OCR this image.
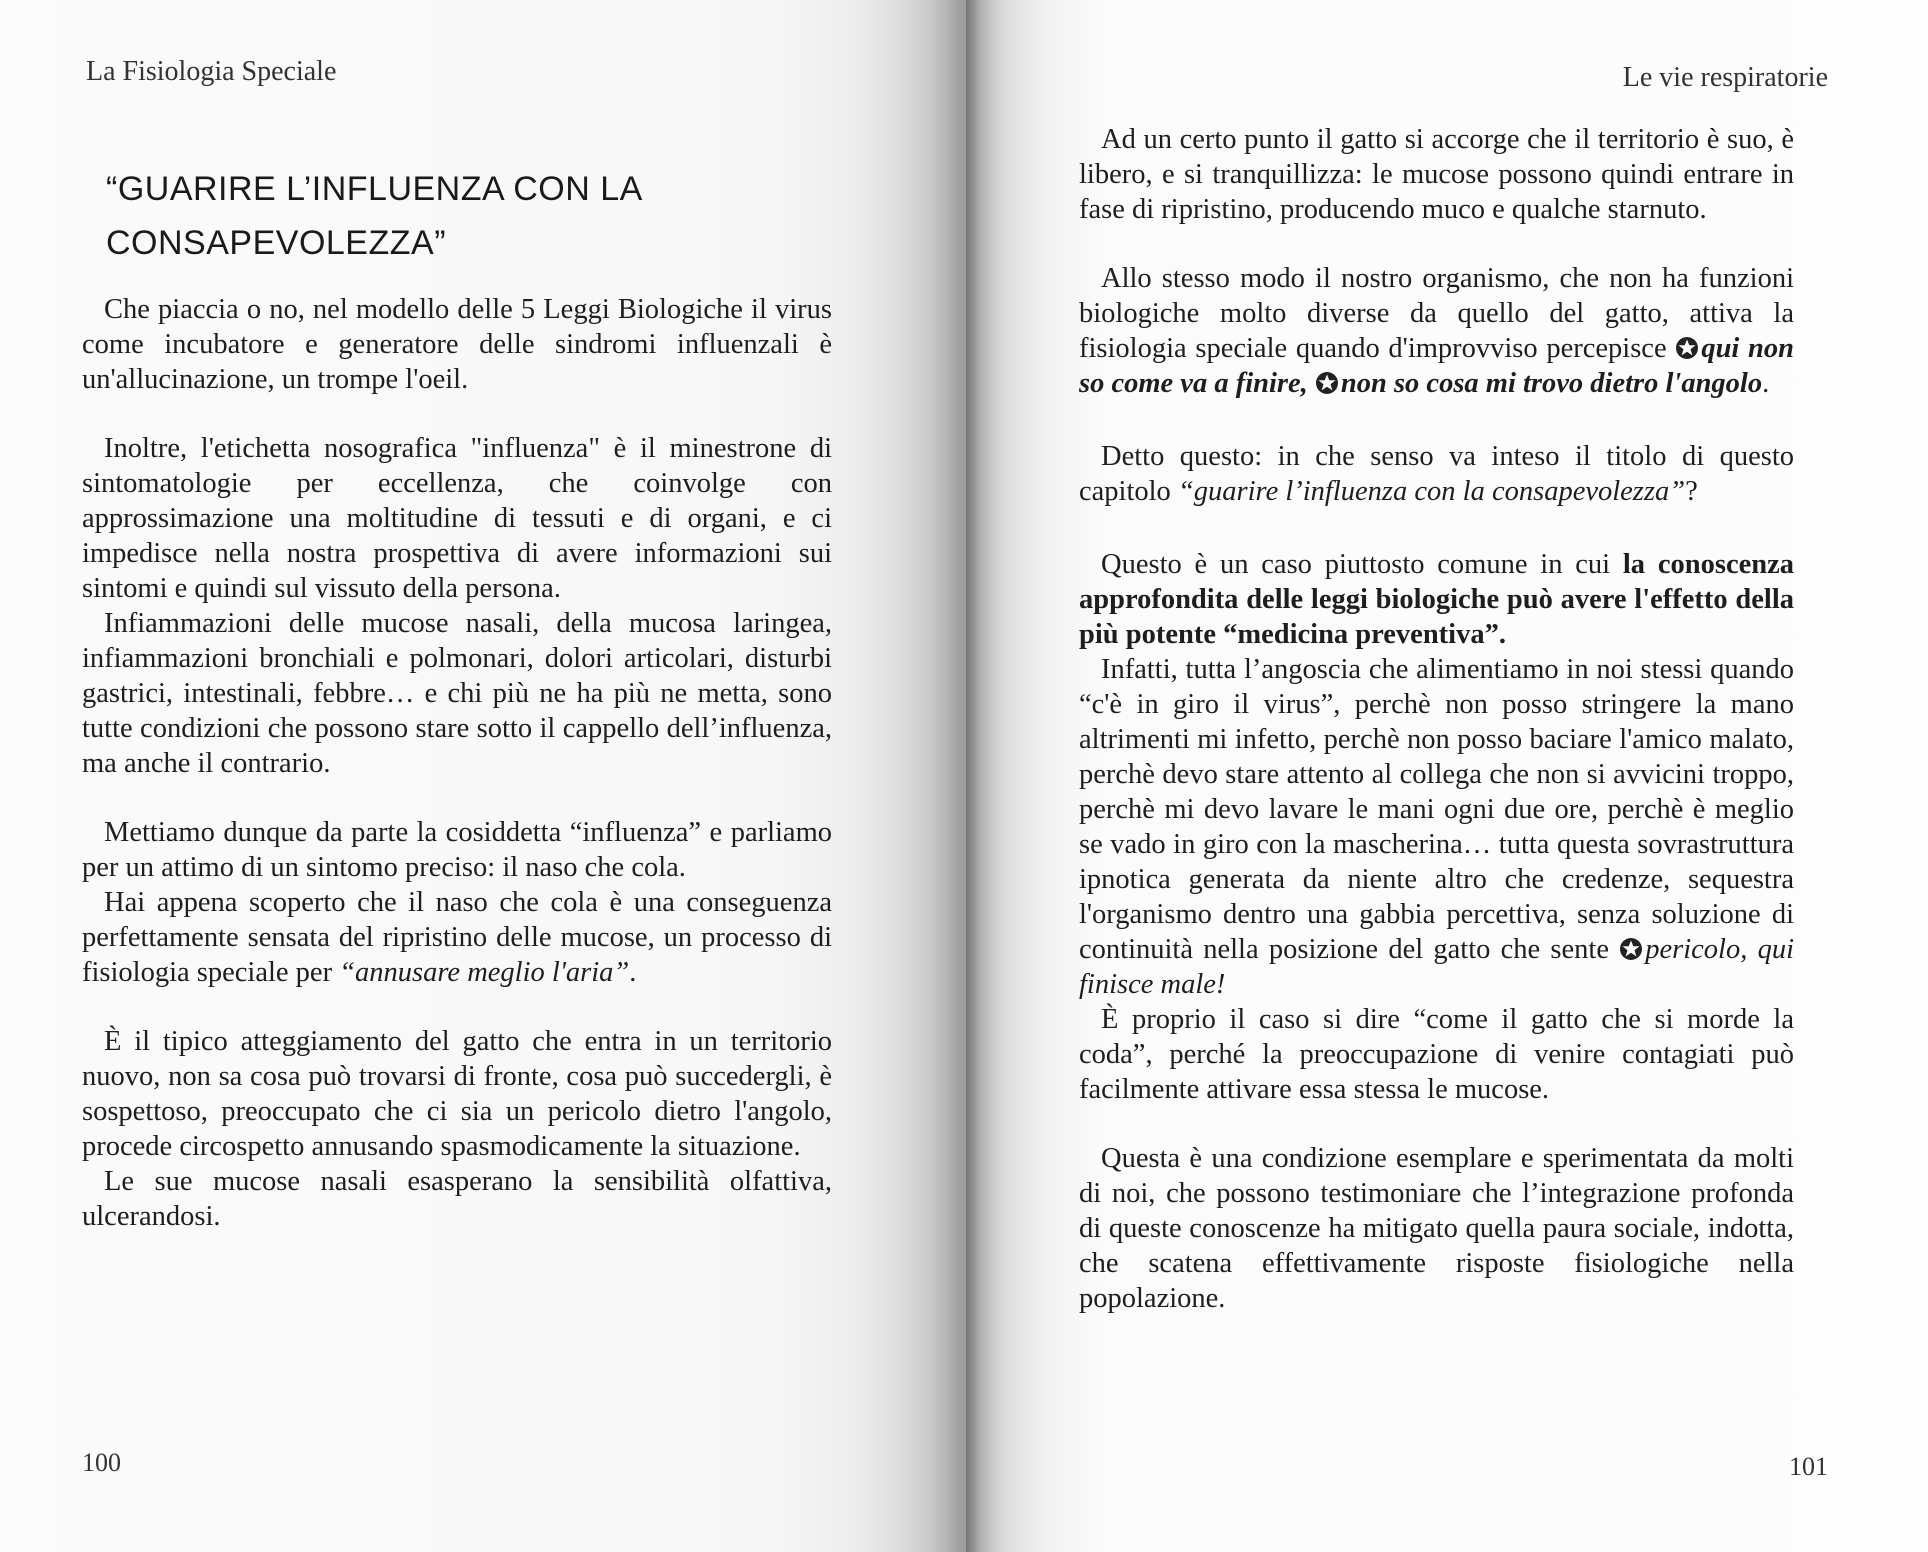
La Fisiologia Speciale
“GUARIRE L’INFLUENZA CON LA
CONSAPEVOLEZZA”

Che piaccia o no, nel modello delle 5 Leggi Biologiche il virus come incubatore e generatore delle sindromi influenzali è un'allucinazione, un trompe l'oeil.

Inoltre, l'etichetta nosografica "influenza" è il minestrone di sintomatologie per eccellenza, che coinvolge con approssimazione una moltitudine di tessuti e di organi, e ci impedisce nella nostra prospettiva di avere informazioni sui sintomi e quindi sul vissuto della persona.

Infiammazioni delle mucose nasali, della mucosa laringea, infiammazioni bronchiali e polmonari, dolori articolari, disturbi gastrici, intestinali, febbre… e chi più ne ha più ne metta, sono tutte condizioni che possono stare sotto il cappello dell’influenza, ma anche il contrario.

Mettiamo dunque da parte la cosiddetta “influenza” e parliamo per un attimo di un sintomo preciso: il naso che cola.

Hai appena scoperto che il naso che cola è una conseguenza perfettamente sensata del ripristino delle mucose, un processo di fisiologia speciale per “annusare meglio l'aria”.

È il tipico atteggiamento del gatto che entra in un territorio nuovo, non sa cosa può trovarsi di fronte, cosa può succedergli, è sospettoso, preoccupato che ci sia un pericolo dietro l'angolo, procede circospetto annusando spasmodicamente la situazione.

Le sue mucose nasali esasperano la sensibilità olfattiva, ulcerandosi.

100
Le vie respiratorie

Ad un certo punto il gatto si accorge che il territorio è suo, è libero, e si tranquillizza: le mucose possono quindi entrare in fase di ripristino, producendo muco e qualche starnuto.

Allo stesso modo il nostro organismo, che non ha funzioni biologiche molto diverse da quello del gatto, attiva la fisiologia speciale quando d'improvviso percepisce qui non so come va a finire, non so cosa mi trovo dietro l'angolo.

Detto questo: in che senso va inteso il titolo di questo capitolo “guarire l’influenza con la consapevolezza”?

Questo è un caso piuttosto comune in cui la conoscenza approfondita delle leggi biologiche può avere l'effetto della più potente “medicina preventiva”.

Infatti, tutta l’angoscia che alimentiamo in noi stessi quando “c'è in giro il virus”, perchè non posso stringere la mano altrimenti mi infetto, perchè non posso baciare l'amico malato, perchè devo stare attento al collega che non si avvicini troppo, perchè mi devo lavare le mani ogni due ore, perchè è meglio se vado in giro con la mascherina… tutta questa sovrastruttura ipnotica generata da niente altro che credenze, sequestra l'organismo dentro una gabbia percettiva, senza soluzione di continuità nella posizione del gatto che sente pericolo, qui finisce male!

È proprio il caso si dire “come il gatto che si morde la coda”, perché la preoccupazione di venire contagiati può facilmente attivare essa stessa le mucose.

Questa è una condizione esemplare e sperimentata da molti di noi, che possono testimoniare che l’integrazione profonda di queste conoscenze ha mitigato quella paura sociale, indotta, che scatena effettivamente risposte fisiologiche nella popolazione.

101
